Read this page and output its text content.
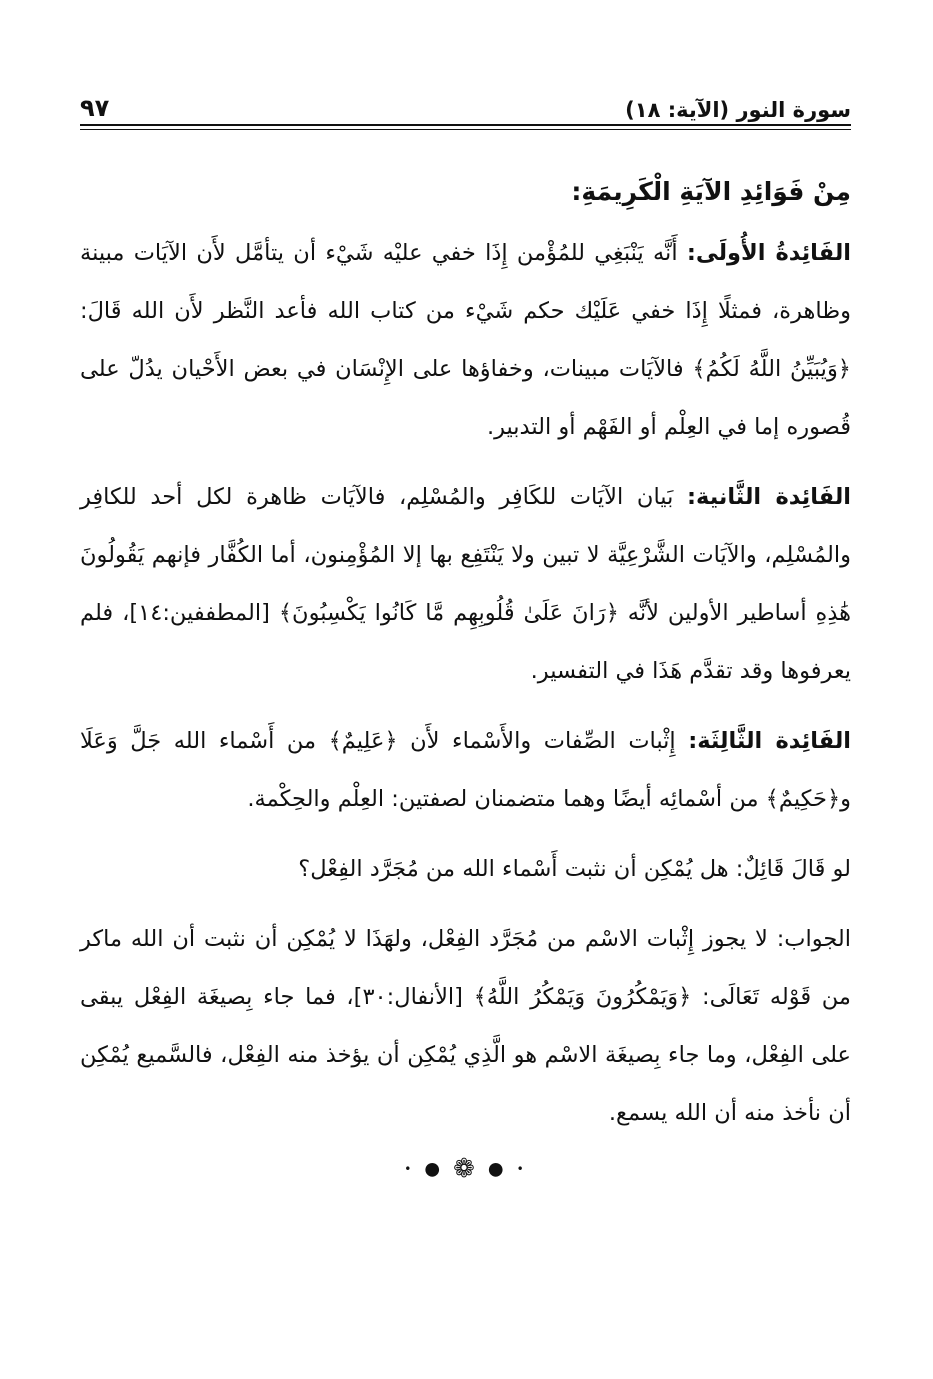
سورة النور (الآية: ١٨)
٩٧
مِنْ فَوَائِدِ الآيَةِ الْكَرِيمَةِ:

الفَائِدةُ الأُولَى: أَنَّه يَنْبَغِي للمُؤْمن إِذَا خفي عليْه شَيْء أن يتأمَّل لأَن الآيَات مبينة وظاهرة، فمثلًا إِذَا خفي عَلَيْك حكم شَيْء من كتاب الله فأعد النَّظر لأَن الله قَالَ: ﴿وَيُبَيِّنُ اللَّهُ لَكُمُ﴾ فالآيَات مبينات، وخفاؤها على الإِنْسَان في بعض الأَحْيان يدُلّ على قُصوره إما في العِلْم أو الفَهْم أو التدبير.

الفَائِدة الثَّانية: بَيان الآيَات للكَافِر والمُسْلِم، فالآيَات ظاهرة لكل أحد للكافِر والمُسْلِم، والآيَات الشَّرْعِيَّة لا تبين ولا يَنْتَفِع بها إلا المُؤْمِنون، أما الكُفَّار فإنهم يَقُولُونَ هَٰذِهِ أساطير الأولين لأنَّه ﴿رَانَ عَلَىٰ قُلُوبِهِم مَّا كَانُوا يَكْسِبُونَ﴾ [المطففين:١٤]، فلم يعرفوها وقد تقدَّم هَذَا في التفسير.

الفَائِدة الثَّالِثَة: إِثْبات الصِّفات والأَسْماء لأَن ﴿عَلِيمٌ﴾ من أَسْماء الله جَلَّ وَعَلَا و﴿حَكِيمٌ﴾ من أسْمائِه أيضًا وهما متضمنان لصفتين: العِلْم والحِكْمة.

لو قَالَ قَائِلٌ: هل يُمْكِن أن نثبت أَسْماء الله من مُجَرَّد الفِعْل؟

الجواب: لا يجوز إِثْبات الاسْم من مُجَرَّد الفِعْل، ولهَذَا لا يُمْكِن أن نثبت أن الله ماكر من قَوْله تَعَالَى: ﴿وَيَمْكُرُونَ وَيَمْكُرُ اللَّهُ﴾ [الأنفال:٣٠]، فما جاء بِصيغَة الفِعْل يبقى على الفِعْل، وما جاء بِصيغَة الاسْم هو الَّذِي يُمْكِن أن يؤخذ منه الفِعْل، فالسَّميع يُمْكِن أن نأخذ منه أن الله يسمع.

• ● ❁ ● •
